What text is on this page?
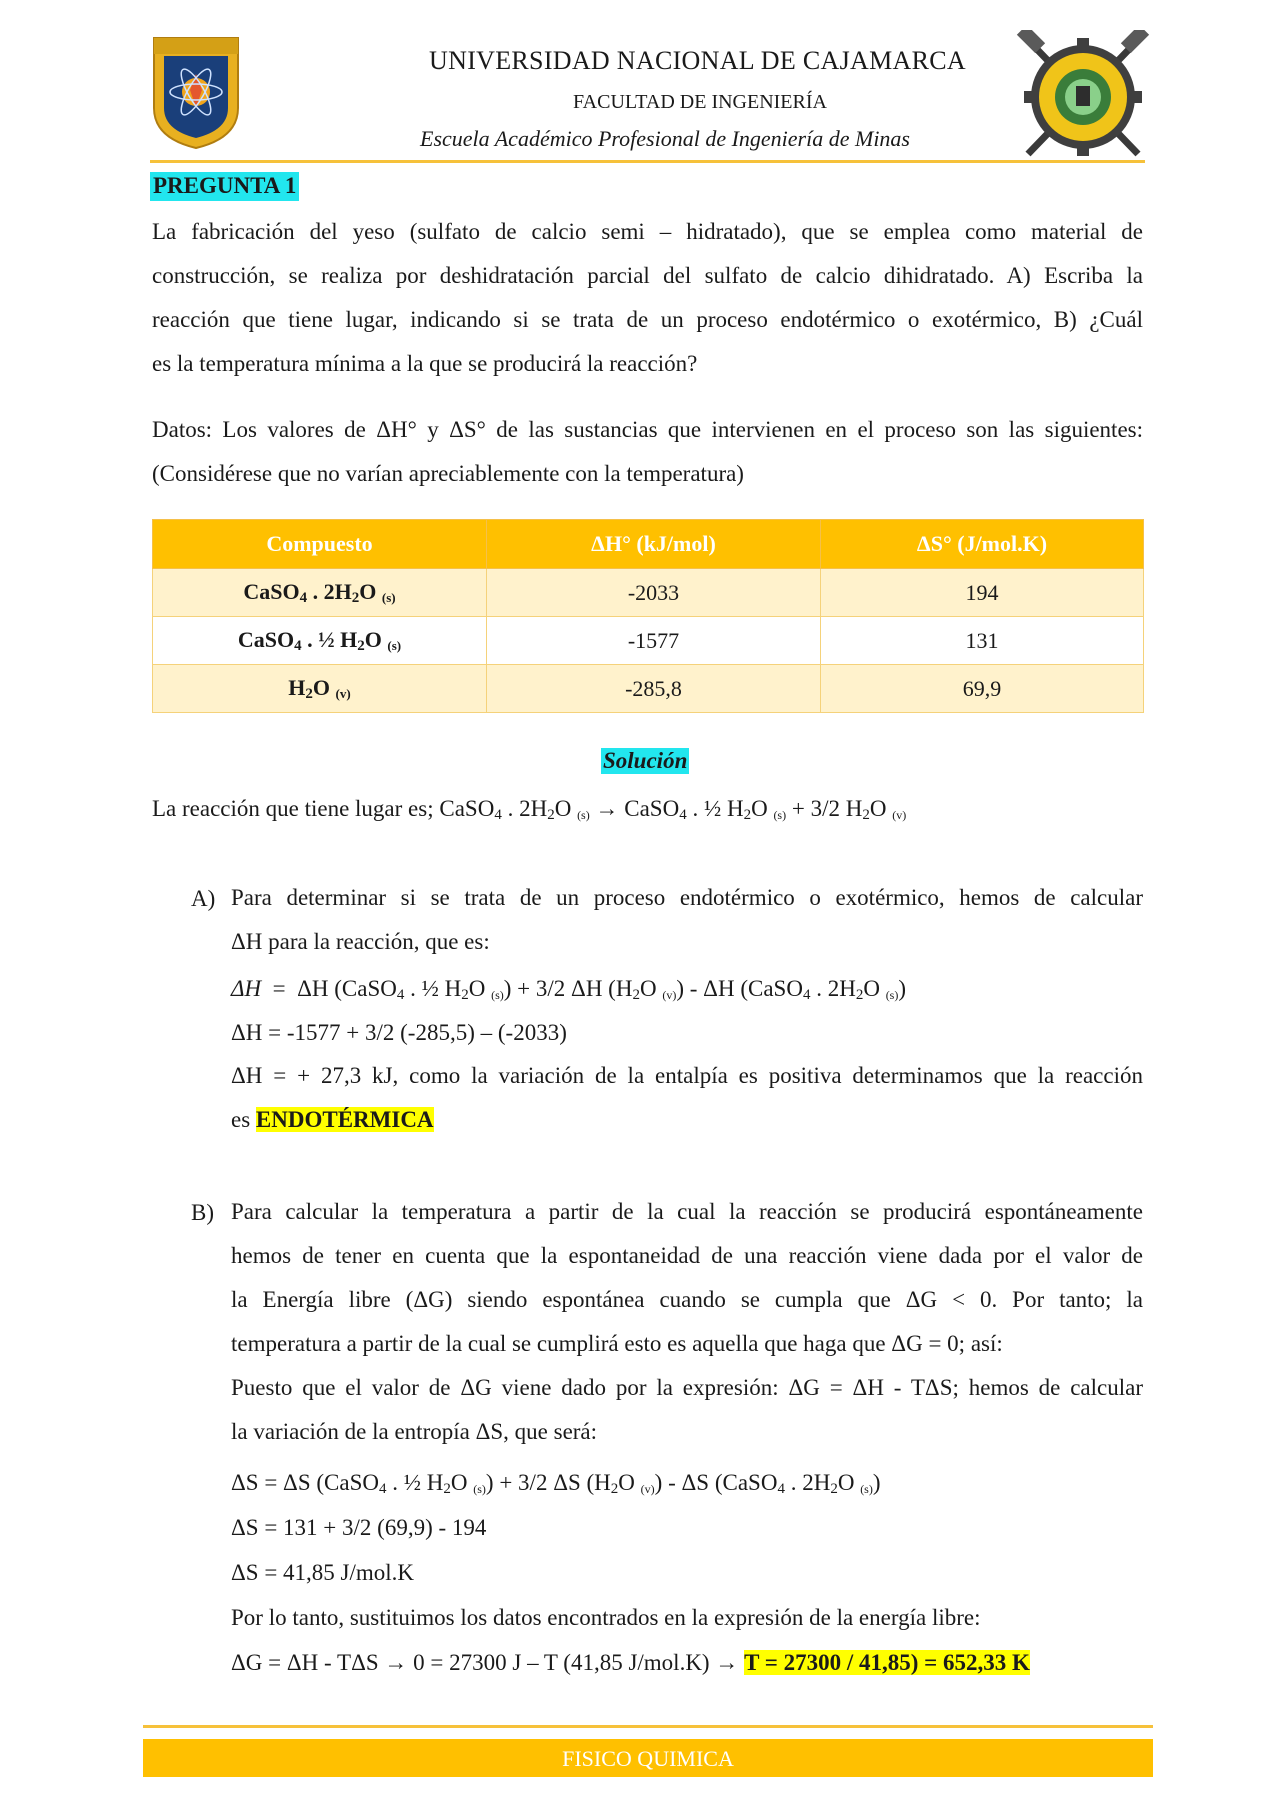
UNIVERSIDAD NACIONAL DE CAJAMARCA
FACULTAD DE INGENIERÍA
Escuela Académico Profesional de Ingeniería de Minas
PREGUNTA 1
La fabricación del yeso (sulfato de calcio semi – hidratado), que se emplea como material de
construcción, se realiza por deshidratación parcial del sulfato de calcio dihidratado. A) Escriba la
reacción que tiene lugar, indicando si se trata de un proceso endotérmico o exotérmico, B) ¿Cuál
es la temperatura mínima a la que se producirá la reacción?
Datos: Los valores de ΔH° y ΔS° de las sustancias que intervienen en el proceso son las siguientes:
(Considérese que no varían apreciablemente con la temperatura)
Compuesto	ΔH° (kJ/mol)	ΔS° (J/mol.K)
CaSO$_4$ . $2H_2O$ $_{(s)}$	-2033	194
CaSO$_4$ . ½ $H_2O$ $_{(s)}$	-1577	131
$H_2O$ $_{(v)}$	-285,8	69,9
Solución
La reacción que tiene lugar es; CaSO$_4$ . $2H_2O$ $_{(s)}$ → CaSO$_4$ . ½ $H_2O$ $_{(s)}$ + 3/2 $H_2O$ $_{(v)}$
A) Para determinar si se trata de un proceso endotérmico o exotérmico, hemos de calcular
ΔH para la reacción, que es:
ΔH  =  ΔH (CaSO$_4$ . ½ $H_2O$ $_{(s)}$) + 3/2 ΔH ($H_2O$ $_{(v)}$) - ΔH (CaSO$_4$ . $2H_2O$ $_{(s)}$)
ΔH = -1577 + 3/2 (-285,5) – (-2033)
ΔH = + 27,3 kJ, como la variación de la entalpía es positiva determinamos que la reacción
es ENDOTÉRMICA
B) Para calcular la temperatura a partir de la cual la reacción se producirá espontáneamente
hemos de tener en cuenta que la espontaneidad de una reacción viene dada por el valor de
la Energía libre (ΔG) siendo espontánea cuando se cumpla que ΔG < 0. Por tanto; la
temperatura a partir de la cual se cumplirá esto es aquella que haga que ΔG = 0; así:
Puesto que el valor de ΔG viene dado por la expresión: ΔG = ΔH - TΔS; hemos de calcular
la variación de la entropía ΔS, que será:
ΔS = ΔS (CaSO$_4$ . ½ $H_2O$ $_{(s)}$) + 3/2 ΔS ($H_2O$ $_{(v)}$) - ΔS (CaSO$_4$ . $2H_2O$ $_{(s)}$)
ΔS = 131 + 3/2 (69,9) - 194
ΔS = 41,85 J/mol.K
Por lo tanto, sustituimos los datos encontrados en la expresión de la energía libre:
ΔG = ΔH - TΔS → 0 = 27300 J – T (41,85 J/mol.K) → T = 27300 / 41,85) = 652,33 K
FISICO QUIMICA
